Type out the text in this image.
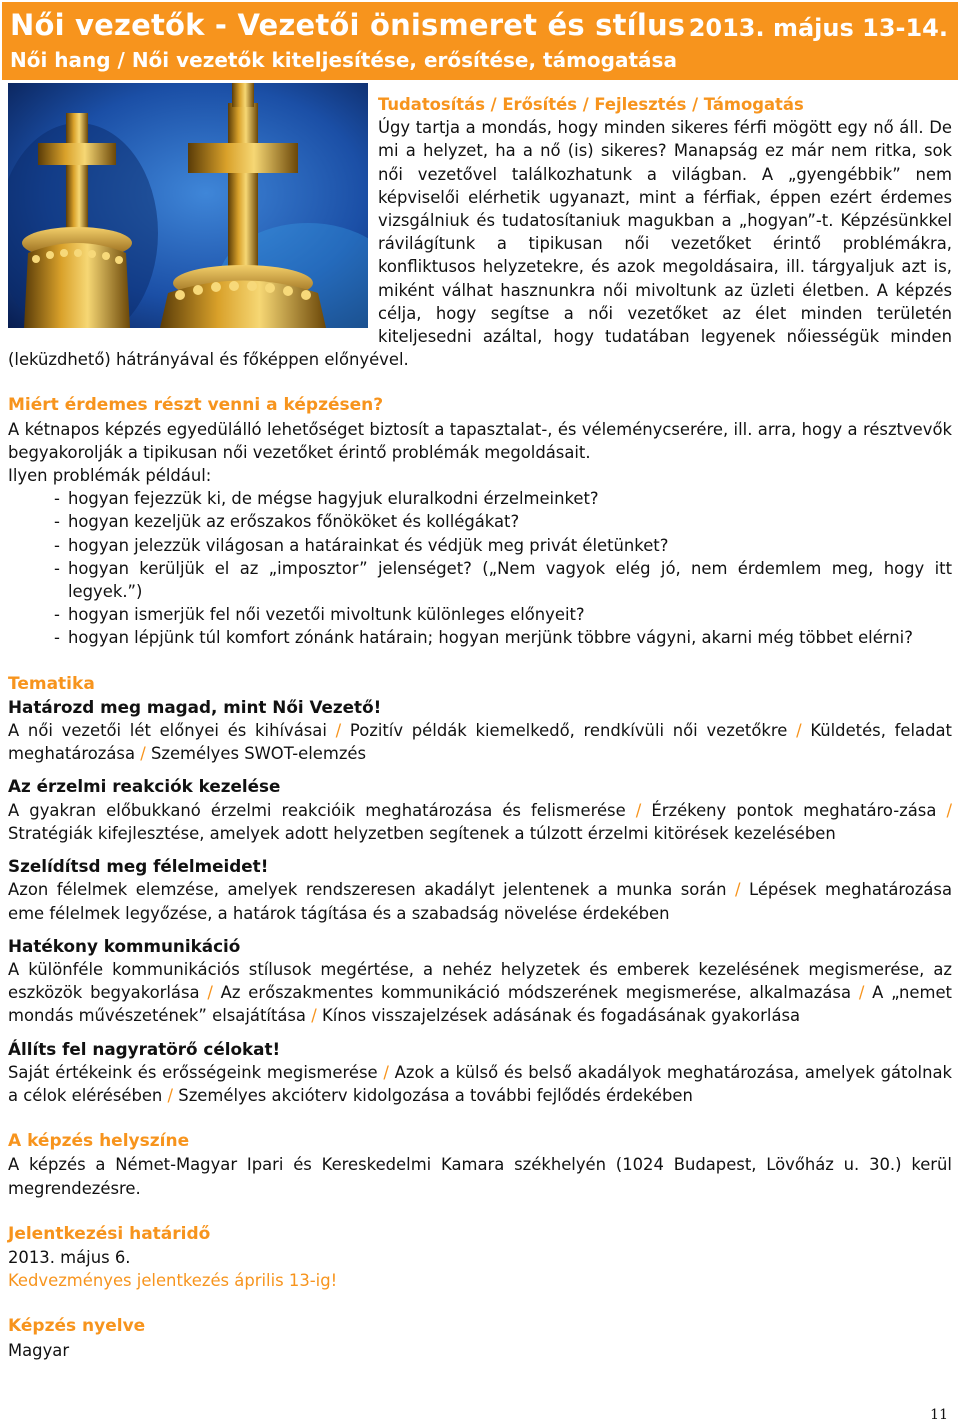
Női vezetők - Vezetői önismeret és stílus 2013. május 13-14.
Női hang / Női vezetők kiteljesítése, erősítése, támogatása
Tudatosítás / Erősítés / Fejlesztés / Támogatás

Úgy tartja a mondás, hogy minden sikeres férfi mögött egy nő áll. De mi a helyzet, ha a nő (is) sikeres? Manapság ez már nem ritka, sok női vezetővel találkozhatunk a világban. A „gyengébbik” nem képviselői elérhetik ugyanazt, mint a férfiak, éppen ezért érdemes vizsgálniuk és tudatosítaniuk magukban a „hogyan”-t. Képzésünkkel rávilágítunk a tipikusan női vezetőket érintő problémákra, konfliktusos helyzetekre, és azok megoldásaira, ill. tárgyaljuk azt is, miként válhat hasznunkra női mivoltunk az üzleti életben. A képzés célja, hogy segítse a női vezetőket az élet minden területén kiteljesedni azáltal, hogy tudatában legyenek nőiességük minden (leküzdhető) hátrányával és főképpen előnyével.

Miért érdemes részt venni a képzésen?

A kétnapos képzés egyedülálló lehetőséget biztosít a tapasztalat-, és véleménycserére, ill. arra, hogy a résztvevők begyakorolják a tipikusan női vezetőket érintő problémák megoldásait.

Ilyen problémák például:

- hogyan fejezzük ki, de mégse hagyjuk eluralkodni érzelmeinket?
- hogyan kezeljük az erőszakos főnököket és kollégákat?
- hogyan jelezzük világosan a határainkat és védjük meg privát életünket?
- hogyan kerüljük el az „imposztor” jelenséget? („Nem vagyok elég jó, nem érdemlem meg, hogy itt legyek.”)
- hogyan ismerjük fel női vezetői mivoltunk különleges előnyeit?
- hogyan lépjünk túl komfort zónánk határain; hogyan merjünk többre vágyni, akarni még többet elérni?
Tematika
Határozd meg magad, mint Női Vezető!

A női vezetői lét előnyei és kihívásai / Pozitív példák kiemelkedő, rendkívüli női vezetőkre / Küldetés, feladat meghatározása / Személyes SWOT-elemzés

Az érzelmi reakciók kezelése

A gyakran előbukkanó érzelmi reakcióik meghatározása és felismerése / Érzékeny pontok meghatáro-zása / Stratégiák kifejlesztése, amelyek adott helyzetben segítenek a túlzott érzelmi kitörések kezelésében

Szelídítsd meg félelmeidet!

Azon félelmek elemzése, amelyek rendszeresen akadályt jelentenek a munka során / Lépések meghatározása eme félelmek legyőzése, a határok tágítása és a szabadság növelése érdekében

Hatékony kommunikáció

A különféle kommunikációs stílusok megértése, a nehéz helyzetek és emberek kezelésének megismerése, az eszközök begyakorlása / Az erőszakmentes kommunikáció módszerének megismerése, alkalmazása / A „nemet mondás művészetének” elsajátítása / Kínos visszajelzések adásának és fogadásának gyakorlása

Állíts fel nagyratörő célokat!

Saját értékeink és erősségeink megismerése / Azok a külső és belső akadályok meghatározása, amelyek gátolnak a célok elérésében / Személyes akcióterv kidolgozása a további fejlődés érdekében

A képzés helyszíne

A képzés a Német-Magyar Ipari és Kereskedelmi Kamara székhelyén (1024 Budapest, Lövőház u. 30.) kerül megrendezésre.

Jelentkezési határidő

2013. május 6.

Kedvezményes jelentkezés április 13-ig!

Képzés nyelve

Magyar

11
